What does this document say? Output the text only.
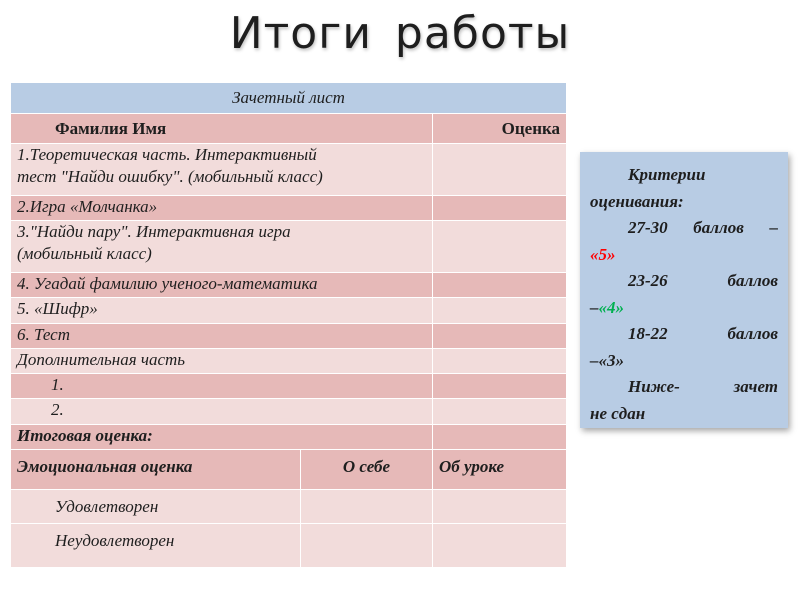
Итоги работы
Зачетный лист		
Фамилия Имя		Оценка
1.Теоретическая часть. Интерактивный
тест "Найди ошибку". (мобильный класс)		
2.Игра «Молчанка»		
3."Найди пару". Интерактивная игра
(мобильный класс)		
4. Угадай фамилию ученого-математика		
5. «Шифр»		
6. Тест		
Дополнительная часть		
1.		
2.		
Итоговая оценка:		
Эмоциональная оценка	О себе	Об уроке
Удовлетворен		
Неудовлетворен		

Критерии

оценивания:

27-30 баллов –

«5»

23-26 баллов

–«4»

18-22 баллов

–«3»

Ниже- зачет

не сдан
